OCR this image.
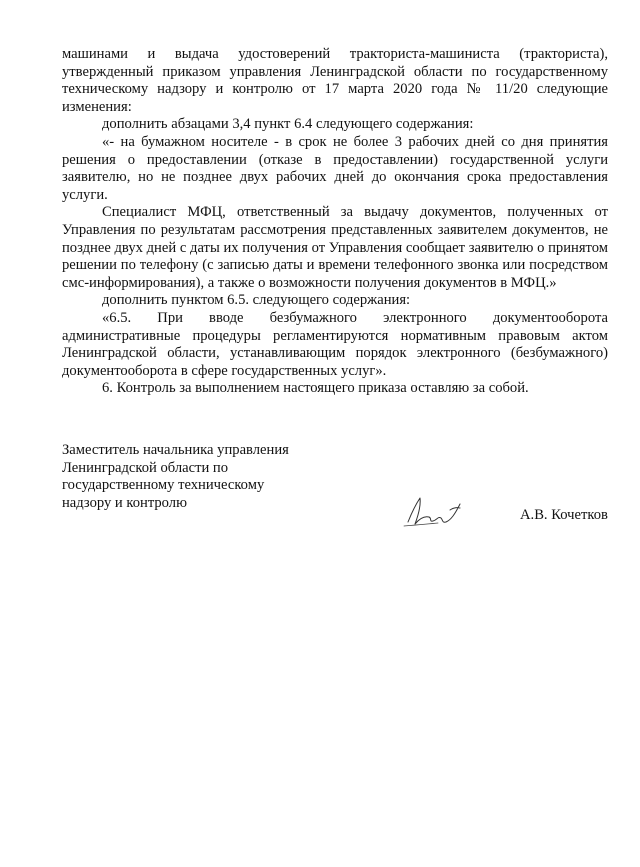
машинами и выдача удостоверений тракториста-машиниста (тракториста), утвержденный приказом управления Ленинградской области по государственному техническому надзору и контролю от 17 марта 2020 года № 11/20 следующие изменения:

дополнить абзацами 3,4 пункт 6.4 следующего содержания:

«- на бумажном носителе - в срок не более 3 рабочих дней со дня принятия решения о предоставлении (отказе в предоставлении) государственной услуги заявителю, но не позднее двух рабочих дней до окончания срока предоставления услуги.

Специалист МФЦ, ответственный за выдачу документов, полученных от Управления по результатам рассмотрения представленных заявителем документов, не позднее двух дней с даты их получения от Управления сообщает заявителю о принятом решении по телефону (с записью даты и времени телефонного звонка или посредством смс-информирования), а также о возможности получения документов в МФЦ.»

дополнить пунктом 6.5. следующего содержания:

«6.5. При вводе безбумажного электронного документооборота административные процедуры регламентируются нормативным правовым актом Ленинградской области, устанавливающим порядок электронного (безбумажного) документооборота в сфере государственных услуг».

6. Контроль за выполнением настоящего приказа оставляю за собой.

Заместитель начальника управления
Ленинградской области по
государственному техническому
надзору и контролю
А.В. Кочетков
